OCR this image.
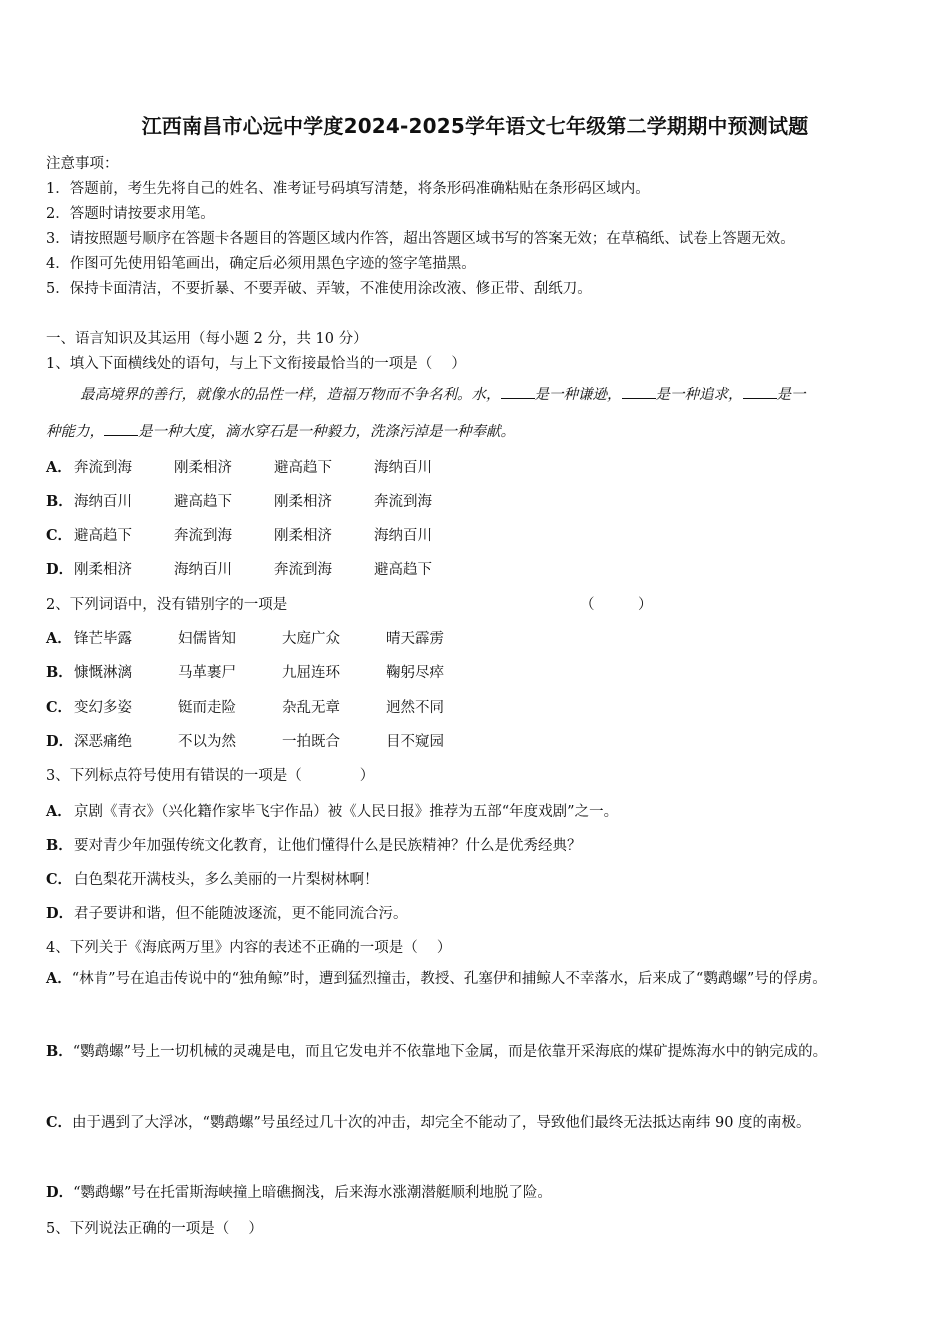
江西南昌市心远中学度2024-2025学年语文七年级第二学期期中预测试题
注意事项：
1．答题前，考生先将自己的姓名、准考证号码填写清楚，将条形码准确粘贴在条形码区域内。
2．答题时请按要求用笔。
3．请按照题号顺序在答题卡各题目的答题区域内作答，超出答题区域书写的答案无效；在草稿纸、试卷上答题无效。
4．作图可先使用铅笔画出，确定后必须用黑色字迹的签字笔描黑。
5．保持卡面清洁，不要折暴、不要弄破、弄皱，不准使用涂改液、修正带、刮纸刀。
一、语言知识及其运用（每小题 2 分，共 10 分）
1、填入下面横线处的语句，与上下文衔接最恰当的一项是（　 ）
最高境界的善行，就像水的品性一样，造福万物而不争名利。水， 是一种谦逊， 是一种追求， 是一
种能力， 是一种大度，滴水穿石是一种毅力，洗涤污淖是一种奉献。
A． 奔流到海	刚柔相济	避高趋下	海纳百川
B．海纳百川	避高趋下	刚柔相济	奔流到海
C． 避高趋下	奔流到海	刚柔相济	海纳百川
D．刚柔相济	海纳百川	奔流到海	避高趋下
2、下列词语中，没有错别字的一项是	（　　　）
A． 锋芒毕露	妇儒皆知	大庭广众	晴天霹雳
B．慷慨淋漓	马革裹尸	九屈连环	鞠躬尽瘁
C． 变幻多姿	铤而走险	杂乱无章	迥然不同
D．深恶痛绝	不以为然	一拍既合	目不窥园
3、下列标点符号使用有错误的一项是（　　　　）
A． 京剧《青衣》（兴化籍作家毕飞宇作品）被《人民日报》推荐为五部“年度戏剧”之一。
B．要对青少年加强传统文化教育，让他们懂得什么是民族精神？什么是优秀经典？
C． 白色梨花开满枝头，多么美丽的一片梨树林啊！
D．君子要讲和谐，但不能随波逐流，更不能同流合污。
4、下列关于《海底两万里》内容的表述不正确的一项是（　 ）
A．“林肯”号在追击传说中的“独角鲸”时，遭到猛烈撞击，教授、孔塞伊和捕鲸人不幸落水，后来成了“鹦鹉螺”号的俘虏。
B．“鹦鹉螺”号上一切机械的灵魂是电，而且它发电并不依靠地下金属，而是依靠开采海底的煤矿提炼海水中的钠完成的。
C．由于遇到了大浮冰，“鹦鹉螺”号虽经过几十次的冲击，却完全不能动了，导致他们最终无法抵达南纬 90 度的南极。
D．“鹦鹉螺”号在托雷斯海峡撞上暗礁搁浅，后来海水涨潮潜艇顺利地脱了险。
5、下列说法正确的一项是（　 ）
